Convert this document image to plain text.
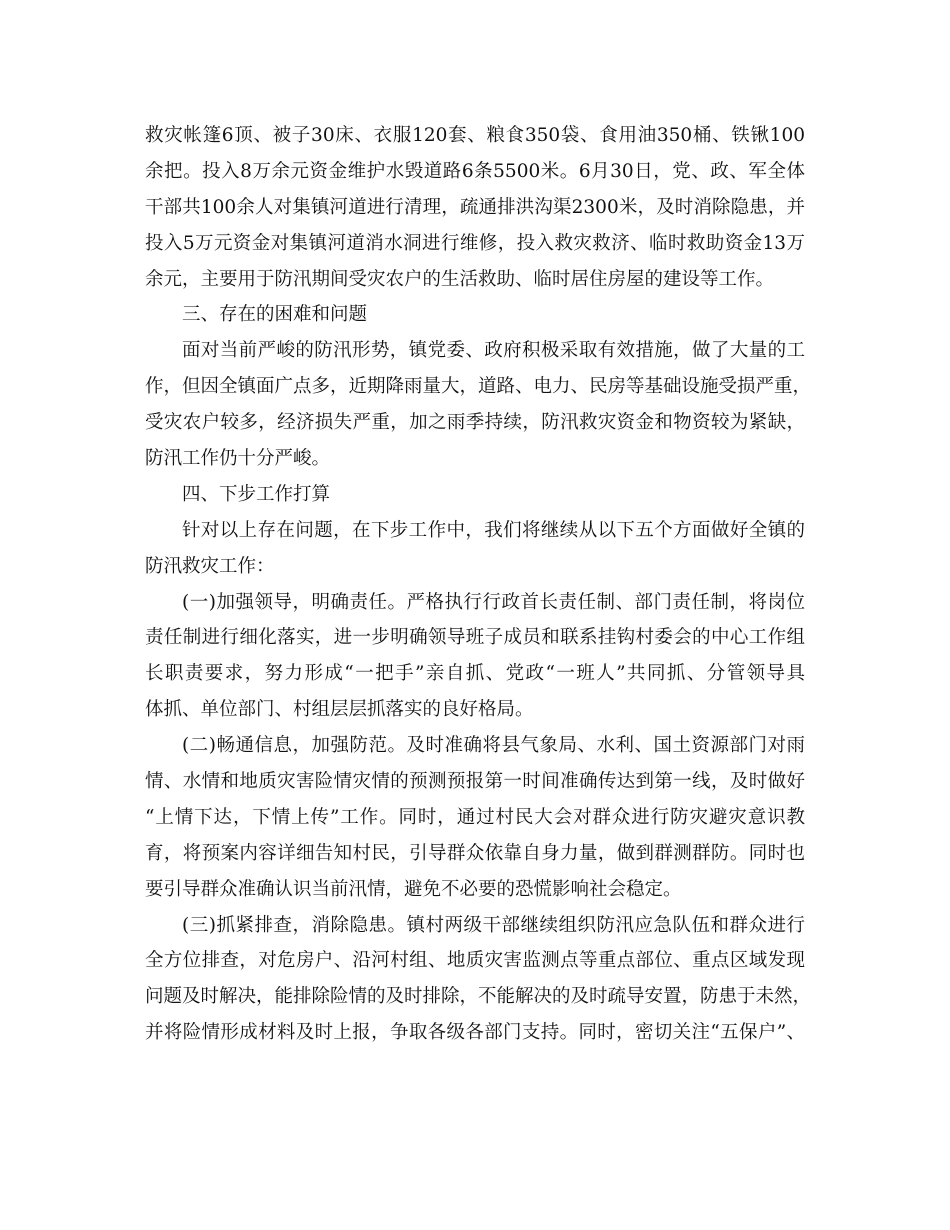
救灾帐篷6顶、被子30床、衣服120套、粮食350袋、食用油350桶、铁锹100
余把。投入8万余元资金维护水毁道路6条5500米。6月30日，党、政、军全体
干部共100余人对集镇河道进行清理，疏通排洪沟渠2300米，及时消除隐患，并
投入5万元资金对集镇河道消水洞进行维修，投入救灾救济、临时救助资金13万
余元，主要用于防汛期间受灾农户的生活救助、临时居住房屋的建设等工作。
三、存在的困难和问题
面对当前严峻的防汛形势，镇党委、政府积极采取有效措施，做了大量的工
作，但因全镇面广点多，近期降雨量大，道路、电力、民房等基础设施受损严重，
受灾农户较多，经济损失严重，加之雨季持续，防汛救灾资金和物资较为紧缺，
防汛工作仍十分严峻。
四、下步工作打算
针对以上存在问题，在下步工作中，我们将继续从以下五个方面做好全镇的
防汛救灾工作：
(一)加强领导，明确责任。严格执行行政首长责任制、部门责任制，将岗位
责任制进行细化落实，进一步明确领导班子成员和联系挂钩村委会的中心工作组
长职责要求，努力形成“一把手”亲自抓、党政“一班人”共同抓、分管领导具
体抓、单位部门、村组层层抓落实的良好格局。
(二)畅通信息，加强防范。及时准确将县气象局、水利、国土资源部门对雨
情、水情和地质灾害险情灾情的预测预报第一时间准确传达到第一线，及时做好
“上情下达，下情上传”工作。同时，通过村民大会对群众进行防灾避灾意识教
育，将预案内容详细告知村民，引导群众依靠自身力量，做到群测群防。同时也
要引导群众准确认识当前汛情，避免不必要的恐慌影响社会稳定。
(三)抓紧排查，消除隐患。镇村两级干部继续组织防汛应急队伍和群众进行
全方位排查，对危房户、沿河村组、地质灾害监测点等重点部位、重点区域发现
问题及时解决，能排除险情的及时排除，不能解决的及时疏导安置，防患于未然，
并将险情形成材料及时上报，争取各级各部门支持。同时，密切关注“五保户”、
